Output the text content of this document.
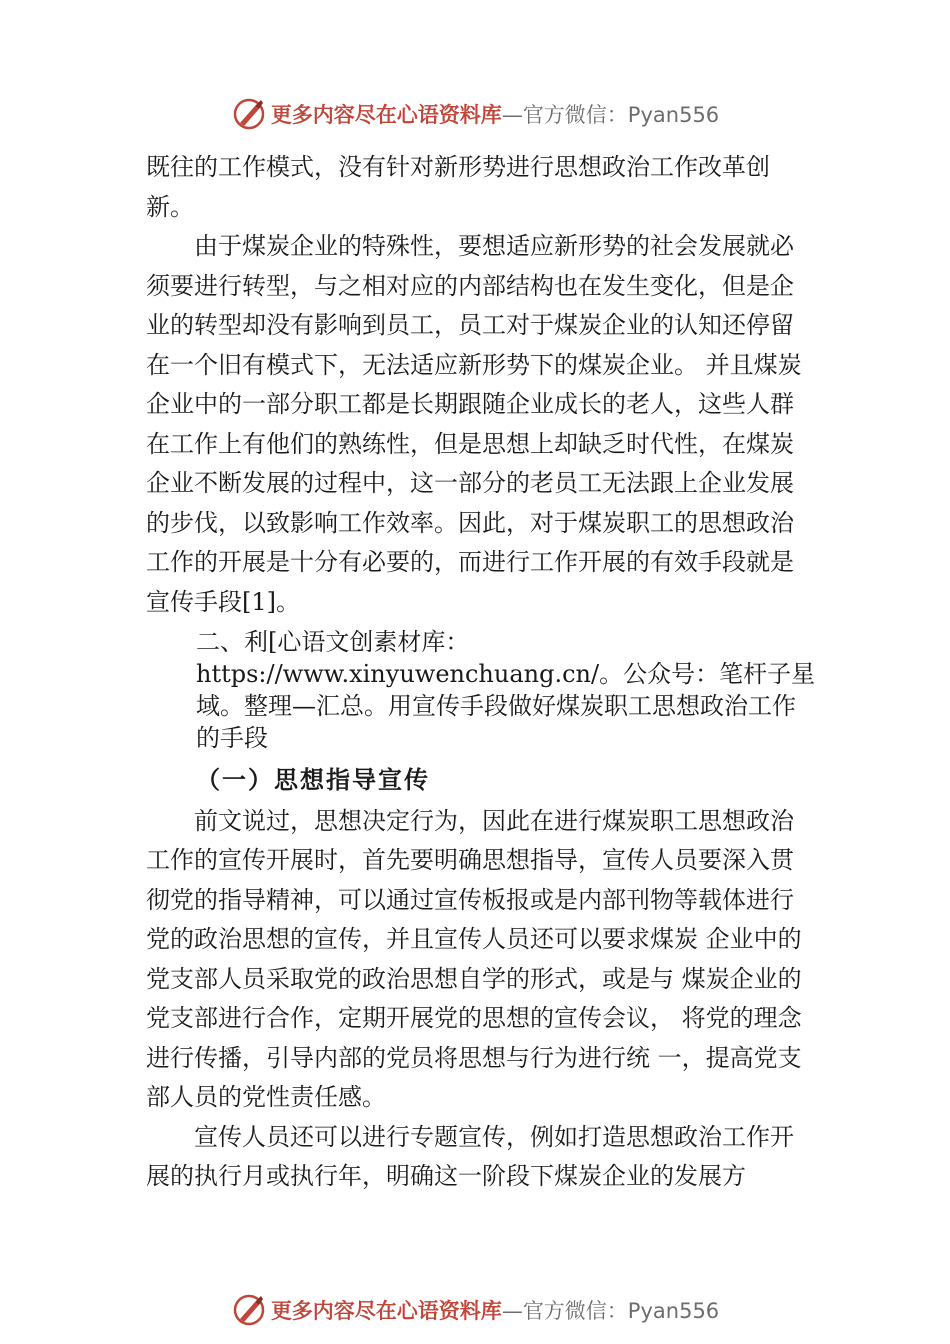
更多内容尽在心语资料库 —官方微信：Pyan556

既往的工作模式，没有针对新形势进行思想政治工作改革创新。

由于煤炭企业的特殊性，要想适应新形势的社会发展就必须要进行转型，与之相对应的内部结构也在发生变化，但是企业的转型却没有影响到员工，员工对于煤炭企业的认知还停留在一个旧有模式下，无法适应新形势下的煤炭企业。 并且煤炭企业中的一部分职工都是长期跟随企业成长的老人，这些人群在工作上有他们的熟练性，但是思想上却缺乏时代性，在煤炭企业不断发展的过程中，这一部分的老员工无法跟上企业发展的步伐，以致影响工作效率。因此，对于煤炭职工的思想政治工作的开展是十分有必要的，而进行工作开展的有效手段就是宣传手段[1]。

二、利[心语文创素材库：https://www.xinyuwenchuang.cn/。公众号：笔杆子星域。整理—汇总。用宣传手段做好煤炭职工思想政治工作的手段

（一）思想指导宣传

前文说过，思想决定行为，因此在进行煤炭职工思想政治工作的宣传开展时，首先要明确思想指导，宣传人员要深入贯彻党的指导精神，可以通过宣传板报或是内部刊物等载体进行党的政治思想的宣传，并且宣传人员还可以要求煤炭 企业中的党支部人员采取党的政治思想自学的形式，或是与 煤炭企业的党支部进行合作，定期开展党的思想的宣传会议， 将党的理念进行传播，引导内部的党员将思想与行为进行统 一，提高党支部人员的党性责任感。

宣传人员还可以进行专题宣传，例如打造思想政治工作开展的执行月或执行年，明确这一阶段下煤炭企业的发展方

更多内容尽在心语资料库 —官方微信：Pyan556
